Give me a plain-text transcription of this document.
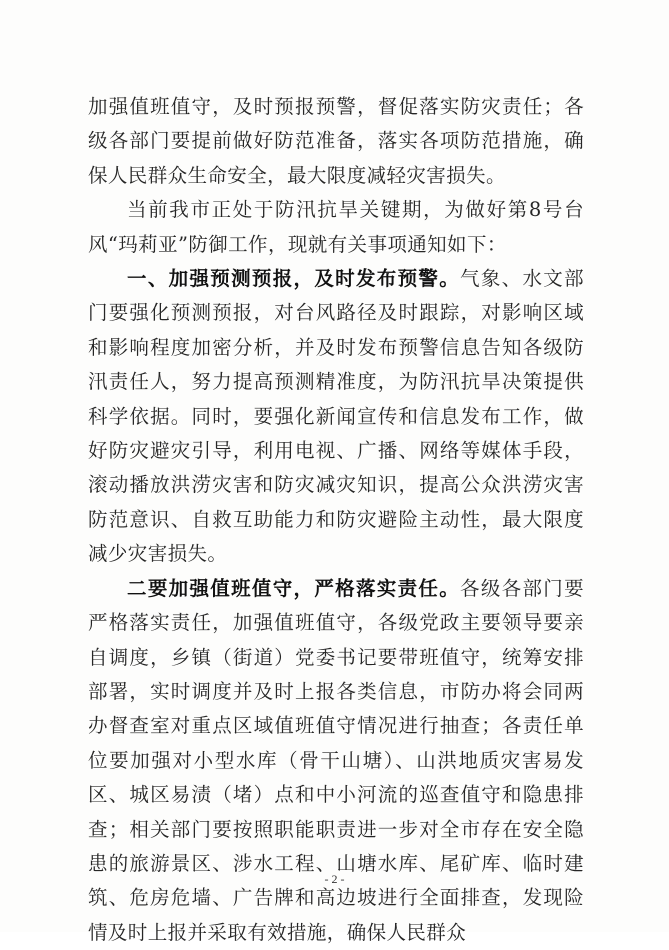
加强值班值守，及时预报预警，督促落实防灾责任；各级各部门要提前做好防范准备，落实各项防范措施，确保人民群众生命安全，最大限度减轻灾害损失。

当前我市正处于防汛抗旱关键期，为做好第8号台风“玛莉亚”防御工作，现就有关事项通知如下：

一、加强预测预报，及时发布预警。气象、水文部门要强化预测预报，对台风路径及时跟踪，对影响区域和影响程度加密分析，并及时发布预警信息告知各级防汛责任人，努力提高预测精准度，为防汛抗旱决策提供科学依据。同时，要强化新闻宣传和信息发布工作，做好防灾避灾引导，利用电视、广播、网络等媒体手段，滚动播放洪涝灾害和防灾减灾知识，提高公众洪涝灾害防范意识、自救互助能力和防灾避险主动性，最大限度减少灾害损失。

二要加强值班值守，严格落实责任。各级各部门要严格落实责任，加强值班值守，各级党政主要领导要亲自调度，乡镇（街道）党委书记要带班值守，统筹安排部署，实时调度并及时上报各类信息，市防办将会同两办督查室对重点区域值班值守情况进行抽查；各责任单位要加强对小型水库（骨干山塘）、山洪地质灾害易发区、城区易渍（堵）点和中小河流的巡查值守和隐患排查；相关部门要按照职能职责进一步对全市存在安全隐患的旅游景区、涉水工程、山塘水库、尾矿库、临时建筑、危房危墙、广告牌和高边坡进行全面排查，发现险情及时上报并采取有效措施，确保人民群众

- 2 -
